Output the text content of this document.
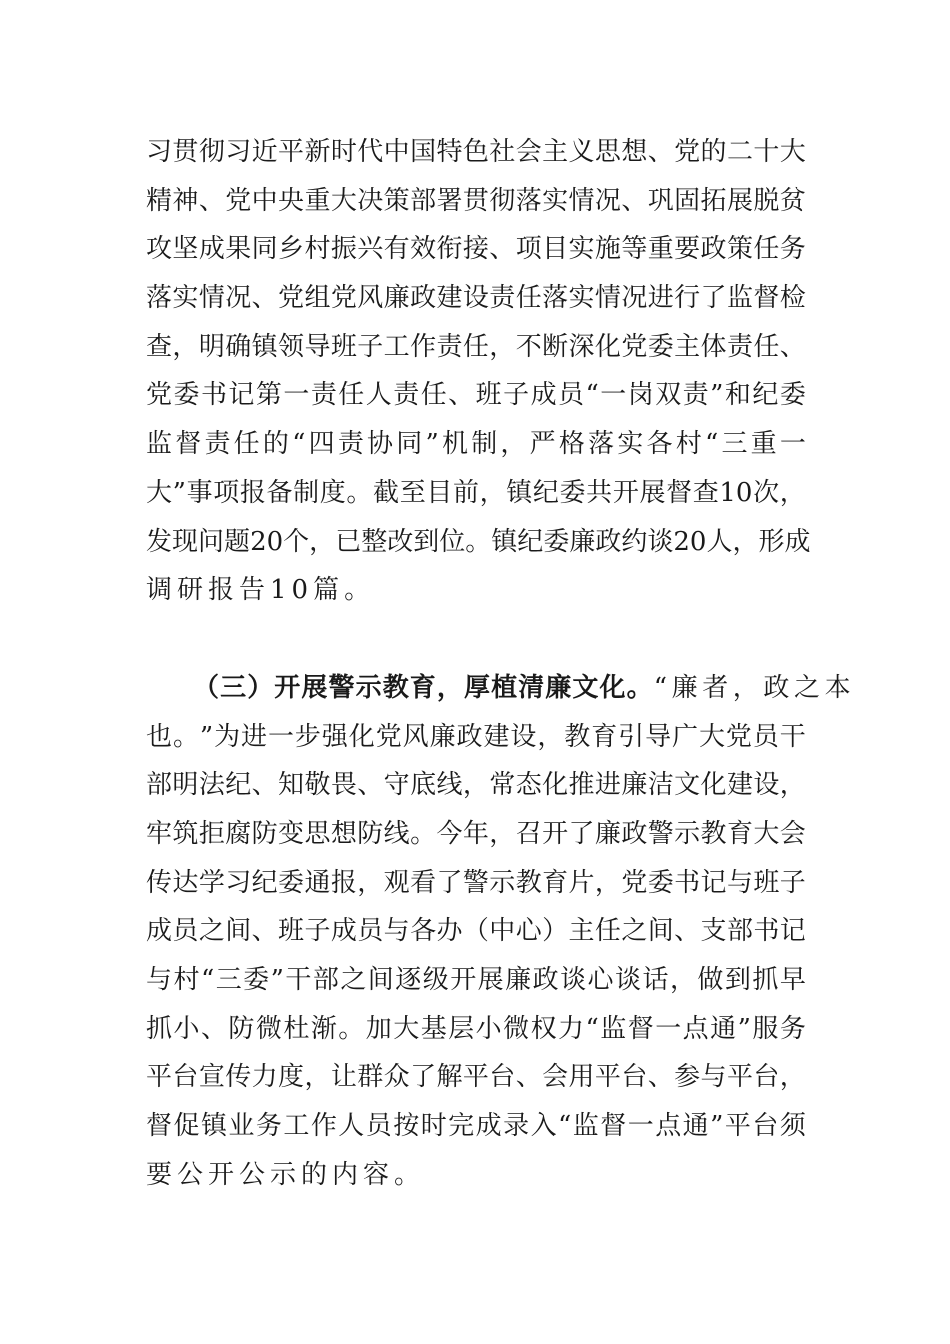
习 贯 彻 习 近 平 新 时 代 中 国 特 色 社 会 主 义 思 想 、 党 的 二 十 大
精 神 、 党 中 央 重 大 决 策 部 署 贯 彻 落 实 情 况 、 巩 固 拓 展 脱 贫
攻 坚 成 果 同 乡 村 振 兴 有 效 衔 接 、 项 目 实 施 等 重 要 政 策 任 务
落 实 情 况 、 党 组 党 风 廉 政 建 设 责 任 落 实 情 况 进 行 了 监 督 检
查 ， 明 确 镇 领 导 班 子 工 作 责 任 ， 不 断 深 化 党 委 主 体 责 任 、
党 委 书 记 第 一 责 任 人 责 任 、 班 子 成 员 “ 一 岗 双 责 ” 和 纪 委
监 督 责 任 的 “ 四 责 协 同 ” 机 制 ， 严 格 落 实 各 村 “ 三 重 一
大 ” 事 项 报 备 制 度 。 截 至 目 前 ， 镇 纪 委 共 开 展 督 查 10 次 ，
发 现 问 题 20 个 ， 已 整 改 到 位 。 镇 纪 委 廉 政 约 谈 20 人 ， 形 成
调研报告10篇。
（三）开展警示教育，厚植清廉文化。 “廉者，政之本
也 。 ” 为 进 一 步 强 化 党 风 廉 政 建 设 ， 教 育 引 导 广 大 党 员 干
部 明 法 纪 、 知 敬 畏 、 守 底 线 ， 常 态 化 推 进 廉 洁 文 化 建 设 ，
牢 筑 拒 腐 防 变 思 想 防 线 。 今 年 ， 召 开 了 廉 政 警 示 教 育 大 会
传 达 学 习 纪 委 通 报 ， 观 看 了 警 示 教 育 片 ， 党 委 书 记 与 班 子
成 员 之 间 、 班 子 成 员 与 各 办 （ 中 心 ） 主 任 之 间 、 支 部 书 记
与 村 “ 三 委 ” 干 部 之 间 逐 级 开 展 廉 政 谈 心 谈 话 ， 做 到 抓 早
抓 小 、 防 微 杜 渐 。 加 大 基 层 小 微 权 力 “ 监 督 一 点 通 ” 服 务
平 台 宣 传 力 度 ， 让 群 众 了 解 平 台 、 会 用 平 台 、 参 与 平 台 ，
督 促 镇 业 务 工 作 人 员 按 时 完 成 录 入 “ 监 督 一 点 通 ” 平 台 须
要公开公示的内容。
